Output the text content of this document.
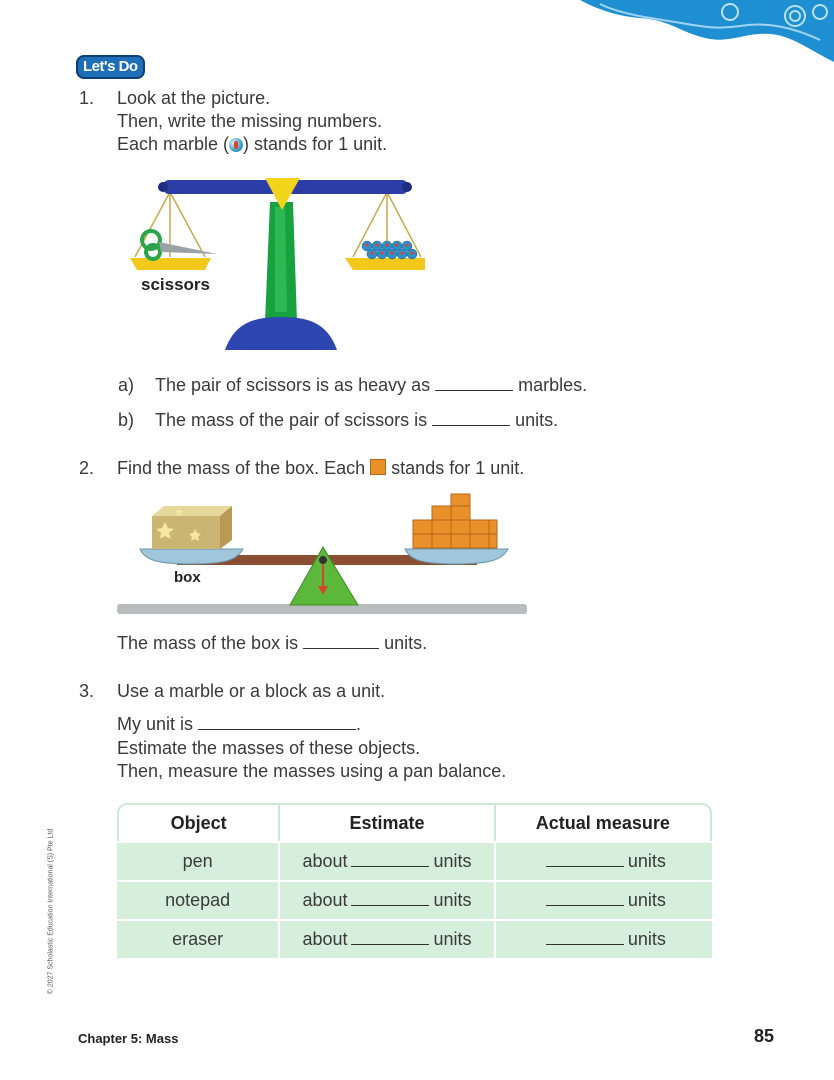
Let's Do
1. Look at the picture.
Then, write the missing numbers.
Each marble ( ) stands for 1 unit.
scissors
a) The pair of scissors is as heavy as	marbles.
b) The mass of the pair of scissors is	units.
2. Find the mass of the box. Each stands for 1 unit.
box
The mass of the box is	units.
3. Use a marble or a block as a unit.
My unit is	.
Estimate the masses of these objects.
Then, measure the masses using a pan balance.
Object	Estimate	Actual measure
pen	about units	units
notepad	about units	units
eraser	about units	units
© 2027 Scholastic Education International (S) Pte Ltd
Chapter 5: Mass	85
